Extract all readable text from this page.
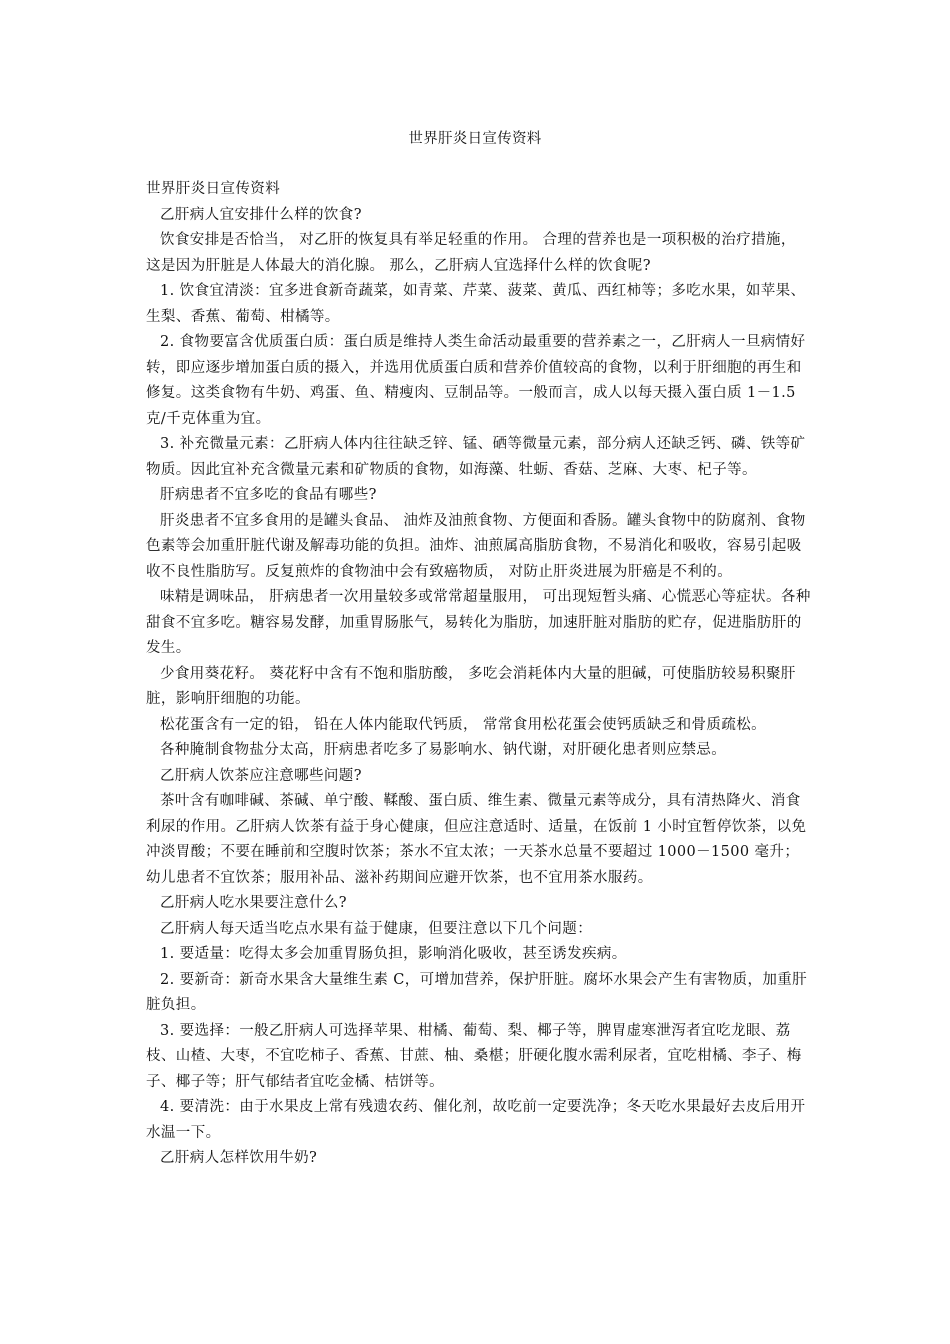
世界肝炎日宣传资料

世界肝炎日宣传资料

乙肝病人宜安排什么样的饮食?

饮食安排是否恰当， 对乙肝的恢复具有举足轻重的作用。 合理的营养也是一项积极的治疗措施， 这是因为肝脏是人体最大的消化腺。 那么，乙肝病人宜选择什么样的饮食呢?

1. 饮食宜清淡：宜多进食新奇蔬菜，如青菜、芹菜、菠菜、黄瓜、西红柿等；多吃水果，如苹果、生梨、香蕉、葡萄、柑橘等。

2. 食物要富含优质蛋白质：蛋白质是维持人类生命活动最重要的营养素之一，乙肝病人一旦病情好转，即应逐步增加蛋白质的摄入，并选用优质蛋白质和营养价值较高的食物，以利于肝细胞的再生和修复。这类食物有牛奶、鸡蛋、鱼、精瘦肉、豆制品等。一般而言，成人以每天摄入蛋白质 1－1.5 克/千克体重为宜。

3. 补充微量元素：乙肝病人体内往往缺乏锌、锰、硒等微量元素，部分病人还缺乏钙、磷、铁等矿物质。因此宜补充含微量元素和矿物质的食物，如海藻、牡蛎、香菇、芝麻、大枣、杞子等。

肝病患者不宜多吃的食品有哪些?

肝炎患者不宜多食用的是罐头食品、 油炸及油煎食物、方便面和香肠。罐头食物中的防腐剂、食物色素等会加重肝脏代谢及解毒功能的负担。油炸、油煎属高脂肪食物，不易消化和吸收，容易引起吸收不良性脂肪写。反复煎炸的食物油中会有致癌物质， 对防止肝炎进展为肝癌是不利的。

味精是调味品， 肝病患者一次用量较多或常常超量服用， 可出现短暂头痛、心慌恶心等症状。各种甜食不宜多吃。糖容易发酵，加重胃肠胀气，易转化为脂肪，加速肝脏对脂肪的贮存，促进脂肪肝的发生。

少食用葵花籽。 葵花籽中含有不饱和脂肪酸， 多吃会消耗体内大量的胆碱，可使脂肪较易积聚肝脏，影响肝细胞的功能。

松花蛋含有一定的铅， 铅在人体内能取代钙质， 常常食用松花蛋会使钙质缺乏和骨质疏松。

各种腌制食物盐分太高，肝病患者吃多了易影响水、钠代谢，对肝硬化患者则应禁忌。

乙肝病人饮茶应注意哪些问题?

茶叶含有咖啡碱、茶碱、单宁酸、鞣酸、蛋白质、维生素、微量元素等成分，具有清热降火、消食利尿的作用。乙肝病人饮茶有益于身心健康，但应注意适时、适量，在饭前 1 小时宜暂停饮茶，以免冲淡胃酸；不要在睡前和空腹时饮茶；茶水不宜太浓；一天茶水总量不要超过 1000－1500 毫升；幼儿患者不宜饮茶；服用补品、滋补药期间应避开饮茶，也不宜用茶水服药。

乙肝病人吃水果要注意什么?

乙肝病人每天适当吃点水果有益于健康，但要注意以下几个问题：

1. 要适量：吃得太多会加重胃肠负担，影响消化吸收，甚至诱发疾病。

2. 要新奇：新奇水果含大量维生素 C，可增加营养，保护肝脏。腐坏水果会产生有害物质，加重肝脏负担。

3. 要选择：一般乙肝病人可选择苹果、柑橘、葡萄、梨、椰子等，脾胃虚寒泄泻者宜吃龙眼、荔枝、山楂、大枣，不宜吃柿子、香蕉、甘蔗、柚、桑椹；肝硬化腹水需利尿者，宜吃柑橘、李子、梅子、椰子等；肝气郁结者宜吃金橘、桔饼等。

4. 要清洗：由于水果皮上常有残遗农药、催化剂，故吃前一定要洗净；冬天吃水果最好去皮后用开水温一下。

乙肝病人怎样饮用牛奶?
